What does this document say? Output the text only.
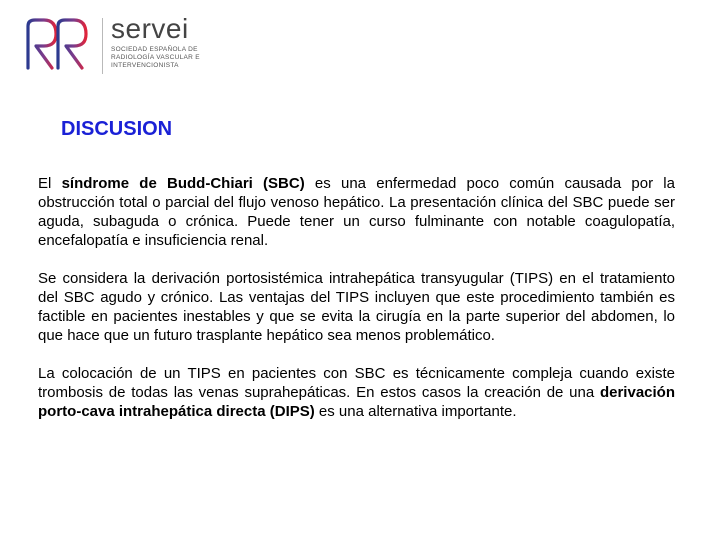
servei
SOCIEDAD ESPAÑOLA DE RADIOLOGÍA VASCULAR E INTERVENCIONISTA
DISCUSION

El síndrome de Budd-Chiari (SBC) es una enfermedad poco común causada por la obstrucción total o parcial del flujo venoso hepático. La presentación clínica del SBC puede ser aguda, subaguda o crónica. Puede tener un curso fulminante con notable coagulopatía, encefalopatía e insuficiencia renal.

Se considera la derivación portosistémica intrahepática transyugular (TIPS) en el tratamiento del SBC agudo y crónico. Las ventajas del TIPS incluyen que este procedimiento también es factible en pacientes inestables y que se evita la cirugía en la parte superior del abdomen, lo que hace que un futuro trasplante hepático sea menos problemático.

La colocación de un TIPS en pacientes con SBC es técnicamente compleja cuando existe trombosis de todas las venas suprahepáticas. En estos casos la creación de una derivación porto-cava intrahepática directa (DIPS) es una alternativa importante.
